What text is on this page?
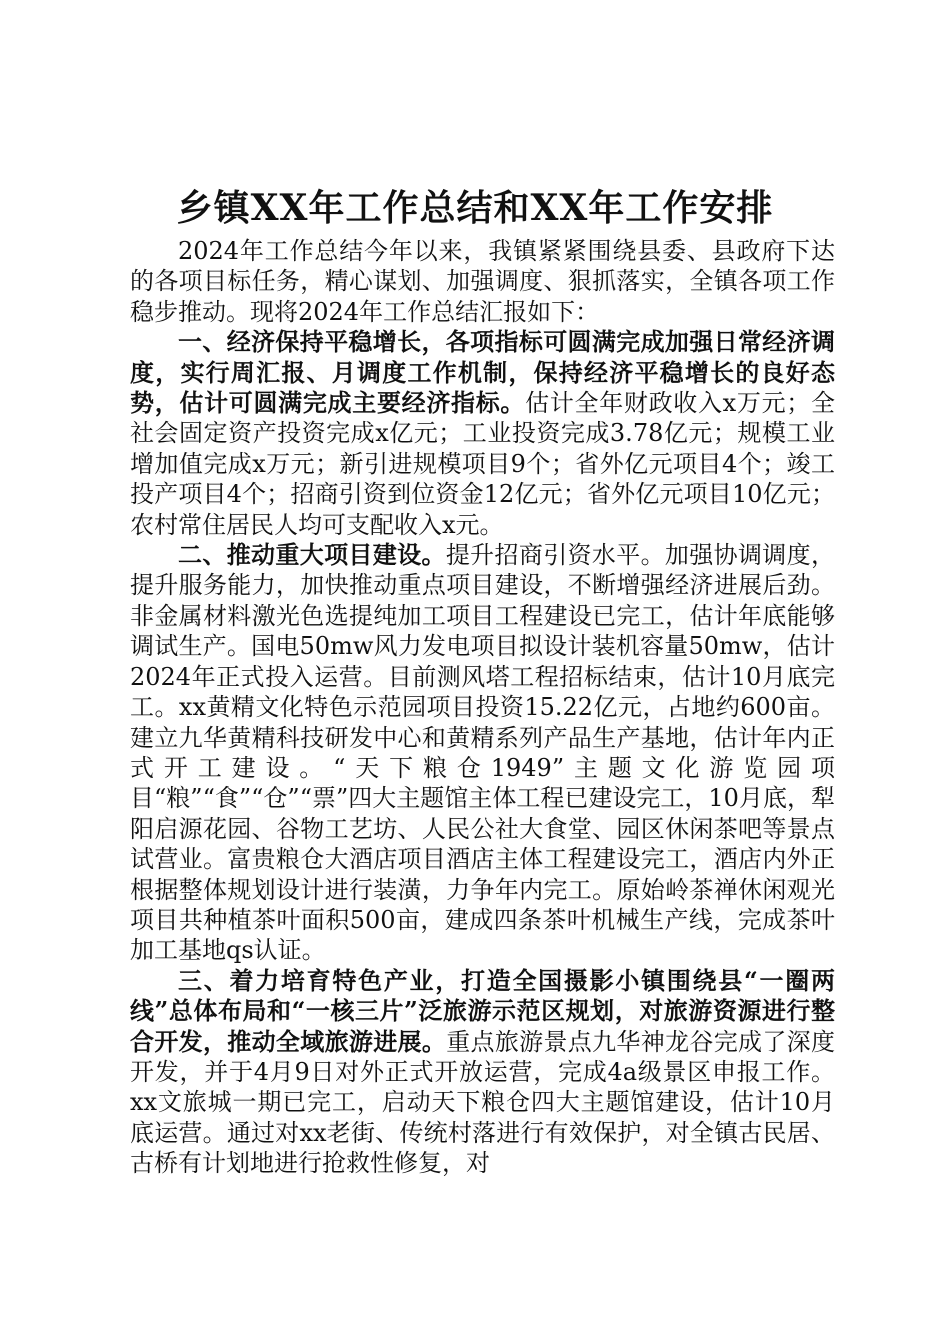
乡镇XX年工作总结和XX年工作安排

2024年工作总结今年以来，我镇紧紧围绕县委、县政府下达的各项目标任务，精心谋划、加强调度、狠抓落实，全镇各项工作稳步推动。现将2024年工作总结汇报如下：

一、经济保持平稳增长，各项指标可圆满完成加强日常经济调度，实行周汇报、月调度工作机制，保持经济平稳增长的良好态势，估计可圆满完成主要经济指标。估计全年财政收入x万元；全社会固定资产投资完成x亿元；工业投资完成3.78亿元；规模工业增加值完成x万元；新引进规模项目9个；省外亿元项目4个；竣工投产项目4个；招商引资到位资金12亿元；省外亿元项目10亿元；农村常住居民人均可支配收入x元。

二、推动重大项目建设。提升招商引资水平。加强协调调度，提升服务能力，加快推动重点项目建设，不断增强经济进展后劲。非金属材料激光色选提纯加工项目工程建设已完工，估计年底能够调试生产。国电50mw风力发电项目拟设计装机容量50mw，估计2024年正式投入运营。目前测风塔工程招标结束，估计10月底完工。xx黄精文化特色示范园项目投资15.22亿元，占地约600亩。建立九华黄精科技研发中心和黄精系列产品生产基地，估计年内正式开工建设。“天下粮仓1949”主题文化游览园项目“粮”“食”“仓”“票”四大主题馆主体工程已建设完工，10月底，犁阳启源花园、谷物工艺坊、人民公社大食堂、园区休闲茶吧等景点试营业。富贵粮仓大酒店项目酒店主体工程建设完工，酒店内外正根据整体规划设计进行装潢，力争年内完工。原始岭茶禅休闲观光项目共种植茶叶面积500亩，建成四条茶叶机械生产线，完成茶叶加工基地qs认证。

三、着力培育特色产业，打造全国摄影小镇围绕县“一圈两线”总体布局和“一核三片”泛旅游示范区规划，对旅游资源进行整合开发，推动全域旅游进展。重点旅游景点九华神龙谷完成了深度开发，并于4月9日对外正式开放运营，完成4a级景区申报工作。xx文旅城一期已完工，启动天下粮仓四大主题馆建设，估计10月底运营。通过对xx老街、传统村落进行有效保护，对全镇古民居、古桥有计划地进行抢救性修复，对
